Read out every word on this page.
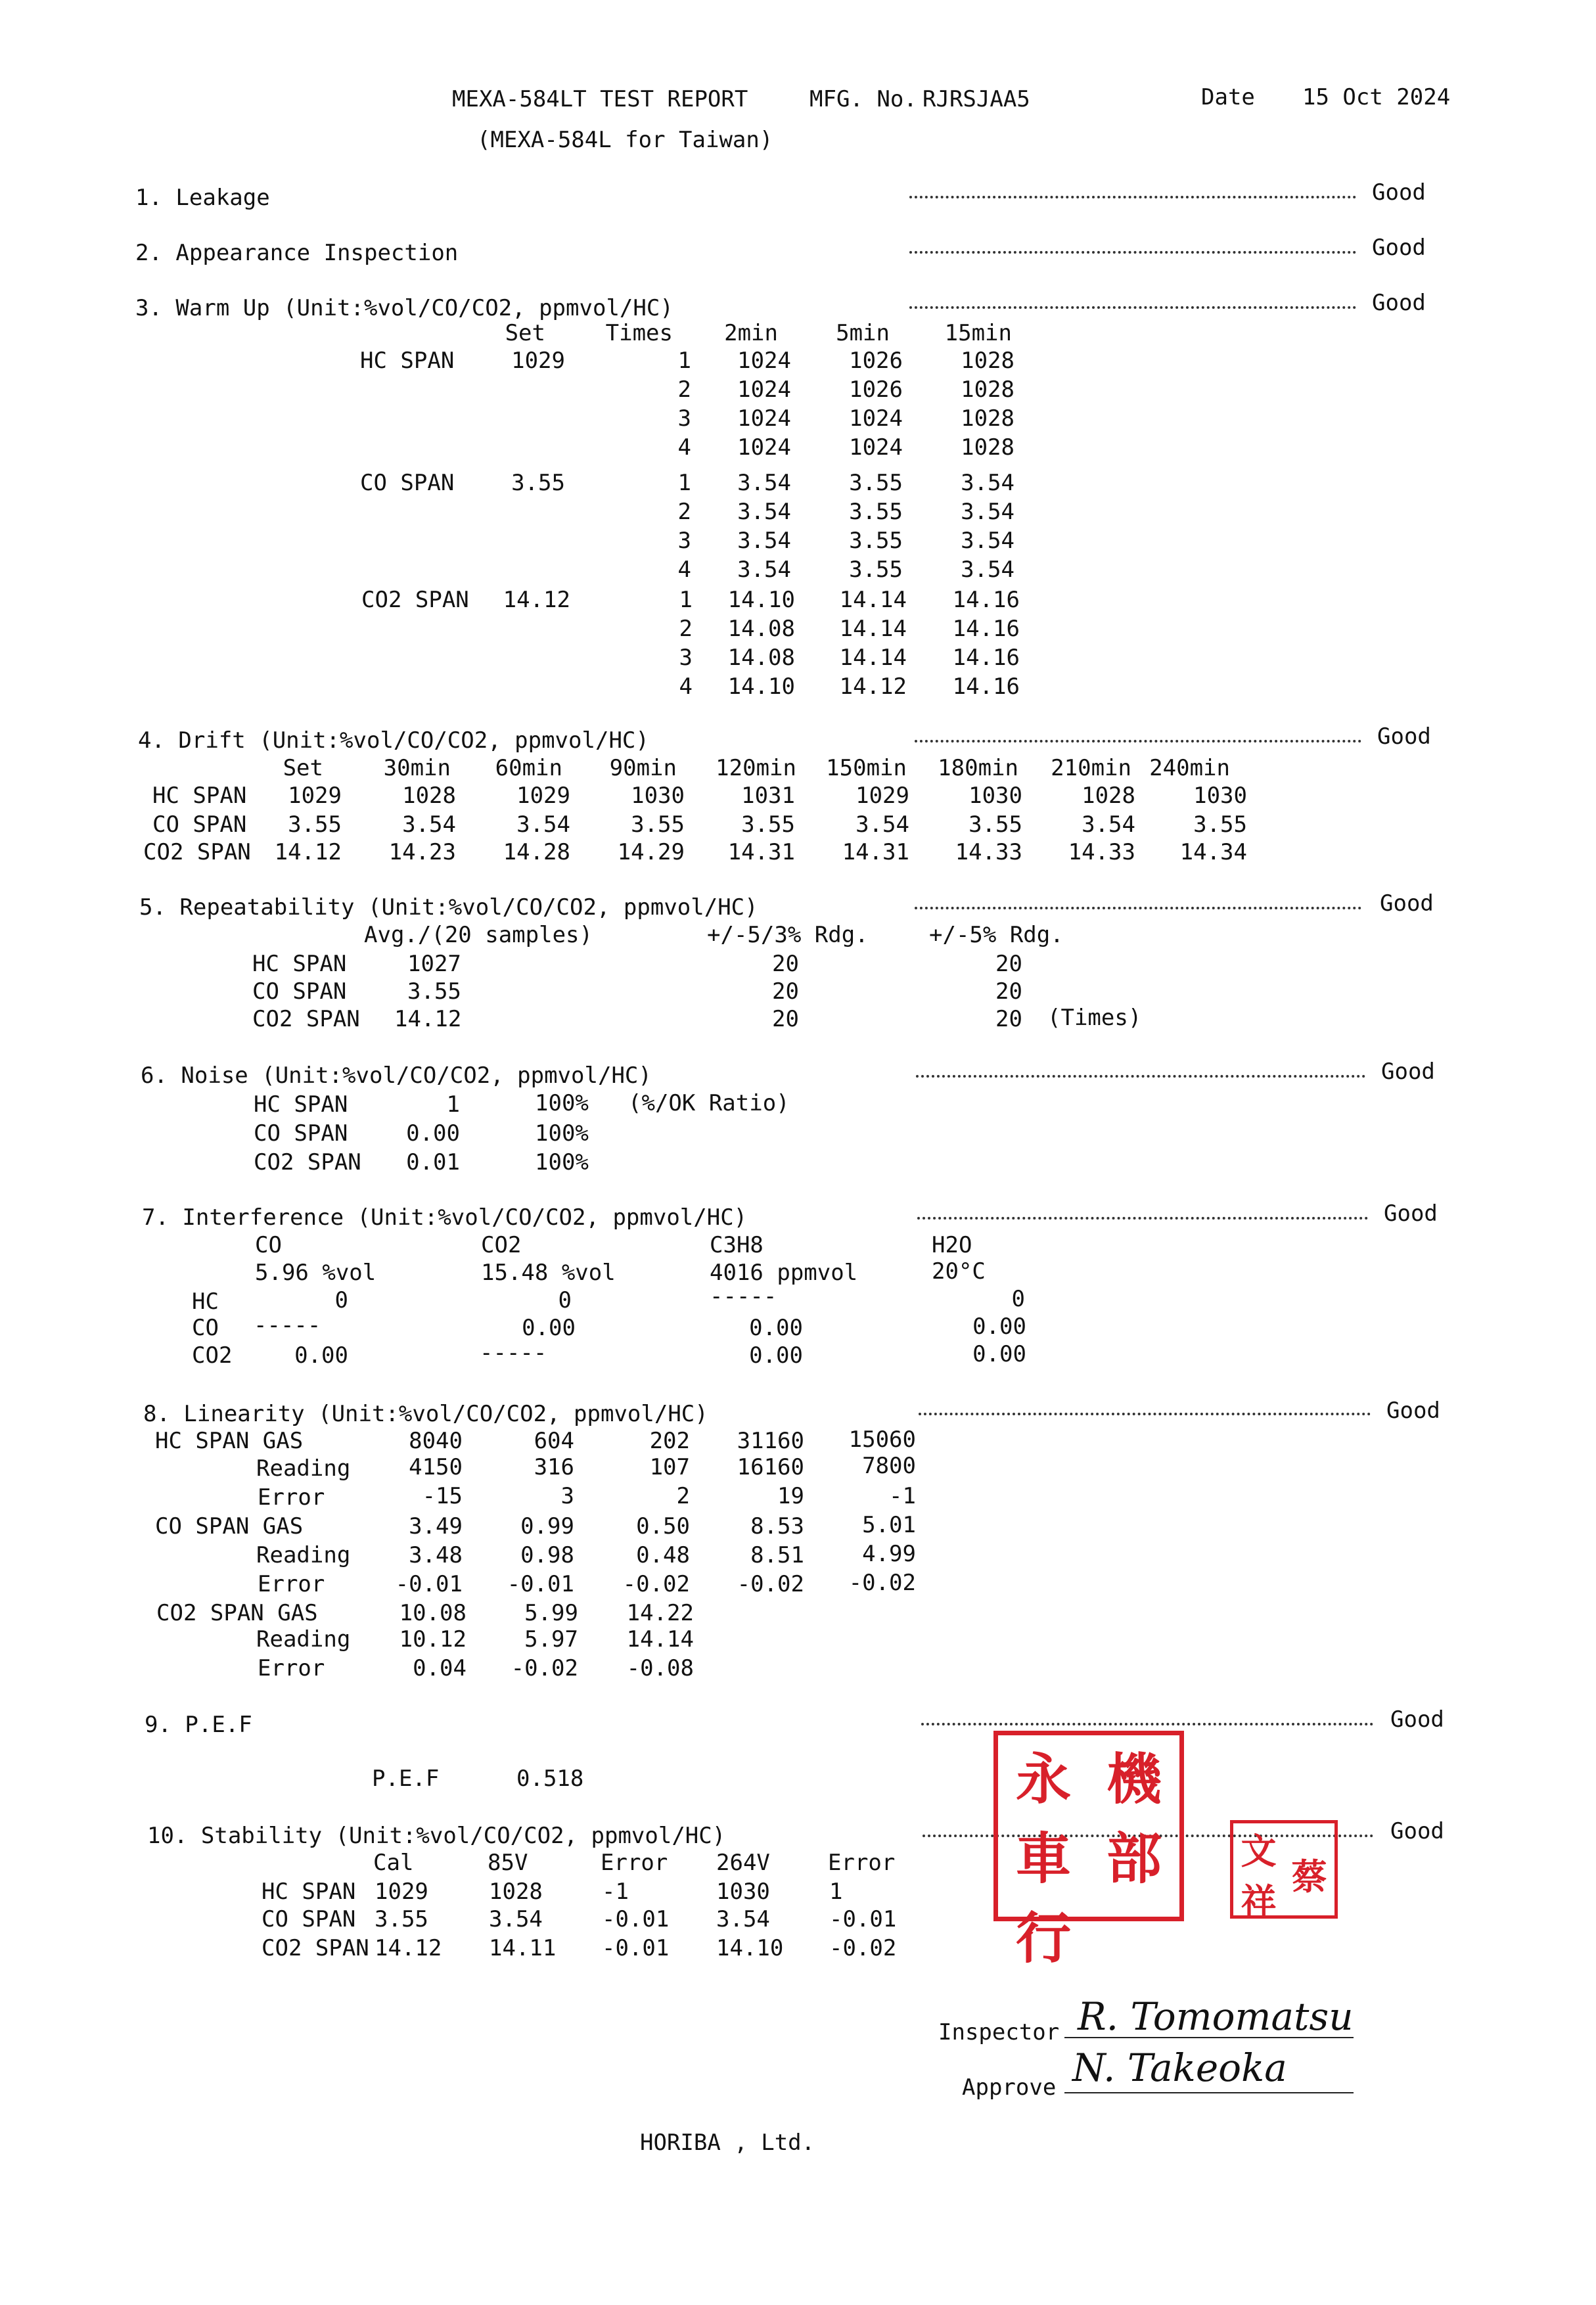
MEXA-584LT TEST REPORT
(MEXA-584L for Taiwan)
MFG. No. RJRSJAA5	Date 15 Oct 2024
1. Leakage	Good
2. Appearance Inspection	Good
3. Warm Up (Unit:%vol/CO/CO2, ppmvol/HC)	Good
4. Drift (Unit:%vol/CO/CO2, ppmvol/HC)	Good
5. Repeatability (Unit:%vol/CO/CO2, ppmvol/HC)	Good
6. Noise (Unit:%vol/CO/CO2, ppmvol/HC)	Good
7. Interference (Unit:%vol/CO/CO2, ppmvol/HC)	Good
8. Linearity (Unit:%vol/CO/CO2, ppmvol/HC)	Good
9. P.E.F	Good
10. Stability (Unit:%vol/CO/CO2, ppmvol/HC)	Good
Set	Times	2min	5min	15min
HC SPAN	1029	1	1024	1026	1028
2	1024	1026	1028
3	1024	1024	1028
4	1024	1024	1028
CO SPAN	3.55	1	3.54	3.55	3.54
2	3.54	3.55	3.54
3	3.54	3.55	3.54
4	3.54	3.55	3.54
CO2 SPAN	14.12	1	14.10	14.14	14.16
2	14.08	14.14	14.16
3	14.08	14.14	14.16
4	14.10	14.12	14.16
Set	30min	60min	90min	120min	150min	180min	210min 240min
HC SPAN	1029	1028	1029	1030	1031	1029	1030	1028	1030
CO SPAN	3.55	3.54	3.54	3.55	3.55	3.54	3.55	3.54	3.55
CO2 SPAN	14.12	14.23	14.28	14.29	14.31	14.31	14.33	14.33	14.34
Avg./(20 samples)	+/-5/3% Rdg.	+/-5% Rdg.
HC SPAN	1027	20	20
CO SPAN	3.55	20	20
CO2 SPAN 14.12	20	20 (Times)
HC SPAN	1	100% (%/OK Ratio)
CO SPAN	0.00	100%
CO2 SPAN	0.01	100%
CO	CO2	C3H8	H2O
5.96 %vol	15.48 %vol	4016 ppmvol	20°C
HC	0	0	-----	0
CO -----	0.00	0.00	0.00
CO2	0.00	-----	0.00	0.00
HC SPAN GAS	8040	604	202	31160	15060
Reading	4150	316	107	16160	7800
Error	-15	3	2	19	-1
CO SPAN GAS	3.49	0.99	0.50	8.53	5.01
Reading	3.48	0.98	0.48	8.51	4.99
Error	-0.01	-0.01	-0.02	-0.02	-0.02
CO2 SPAN GAS	10.08	5.99	14.22
Reading	10.12	5.97	14.14
Error	0.04	-0.02	-0.08
P.E.F	0.518
Cal	85V	Error 264V	Error
HC SPAN 1029	1028	-1	1030	1
CO SPAN 3.55	3.54	-0.01 3.54	-0.01
CO2 SPAN 14.12 14.11 -0.01 14.10 -0.02
機
永
車 部
行
文
蔡
祥
Inspector R. Tomomatsu
Approve N. Takeoka
HORIBA , Ltd.
